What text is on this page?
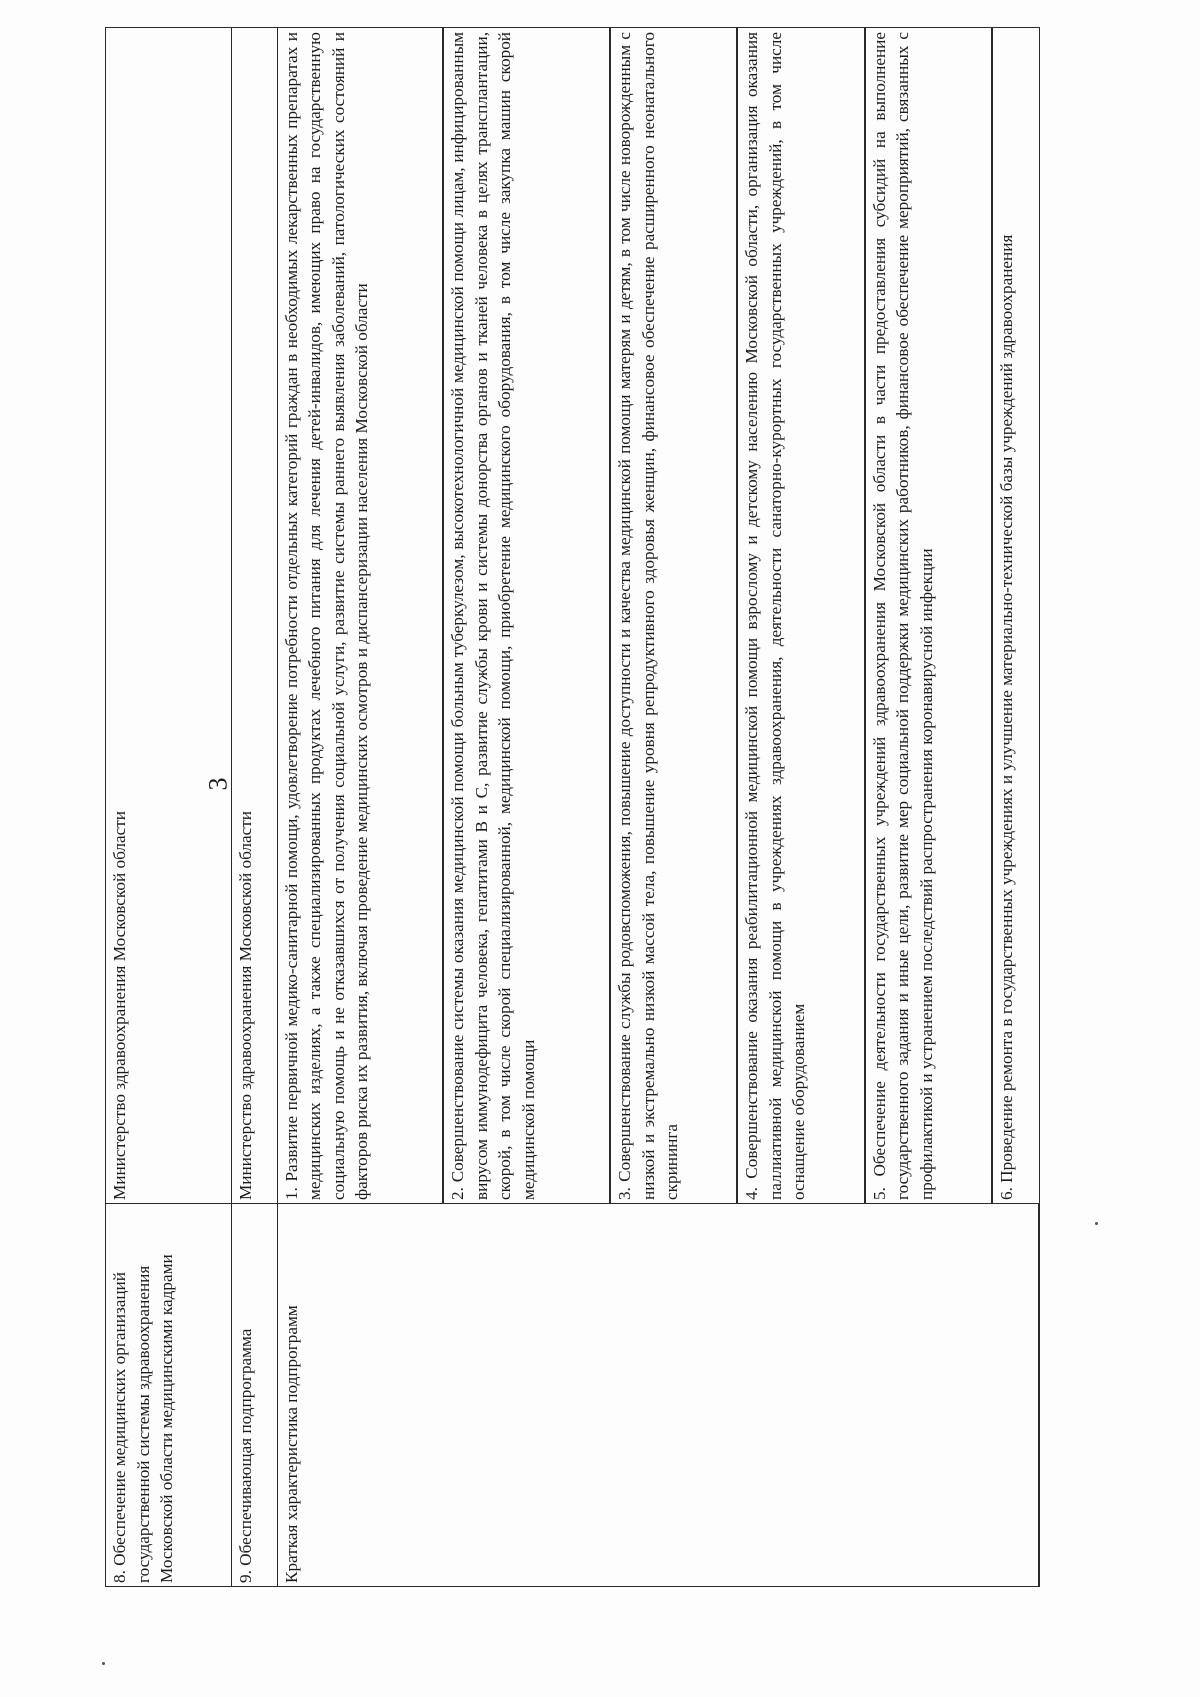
3
8. Обеспечение медицинских организаций государственной системы здравоохранения Московской области медицинскими кадрами	Министерство здравоохранения Московской области
9. Обеспечивающая подпрограмма	Министерство здравоохранения Московской области
Краткая характеристика подпрограмм	1. Развитие первичной медико-санитарной помощи, удовлетворение потребности отдельных категорий граждан в необходимых лекарственных препаратах и медицинских изделиях, а также специализированных продуктах лечебного питания для лечения детей-инвалидов, имеющих право на государственную социальную помощь и не отказавшихся от получения социальной услуги, развитие системы раннего выявления заболеваний, патологических состояний и факторов риска их развития, включая проведение медицинских осмотров и диспансеризации населения Московской области
	2. Совершенствование системы оказания медицинской помощи больным туберкулезом, высокотехнологичной медицинской помощи лицам, инфицированным вирусом иммунодефицита человека, гепатитами В и С, развитие службы крови и системы донорства органов и тканей человека в целях трансплантации, скорой, в том числе скорой специализированной, медицинской помощи, приобретение медицинского оборудования, в том числе закупка машин скорой медицинской помощи
	3. Совершенствование службы родовспоможения, повышение доступности и качества медицинской помощи матерям и детям, в том числе новорожденным с низкой и экстремально низкой массой тела, повышение уровня репродуктивного здоровья женщин, финансовое обеспечение расширенного неонатального скрининга
	4. Совершенствование оказания реабилитационной медицинской помощи взрослому и детскому населению Московской области, организация оказания паллиативной медицинской помощи в учреждениях здравоохранения, деятельности санаторно-курортных государственных учреждений, в том числе оснащение оборудованием
	5. Обеспечение деятельности государственных учреждений здравоохранения Московской области в части предоставления субсидий на выполнение государственного задания и иные цели, развитие мер социальной поддержки медицинских работников, финансовое обеспечение мероприятий, связанных с профилактикой и устранением последствий распространения коронавирусной инфекции
	6. Проведение ремонта в государственных учреждениях и улучшение материально-технической базы учреждений здравоохранения
